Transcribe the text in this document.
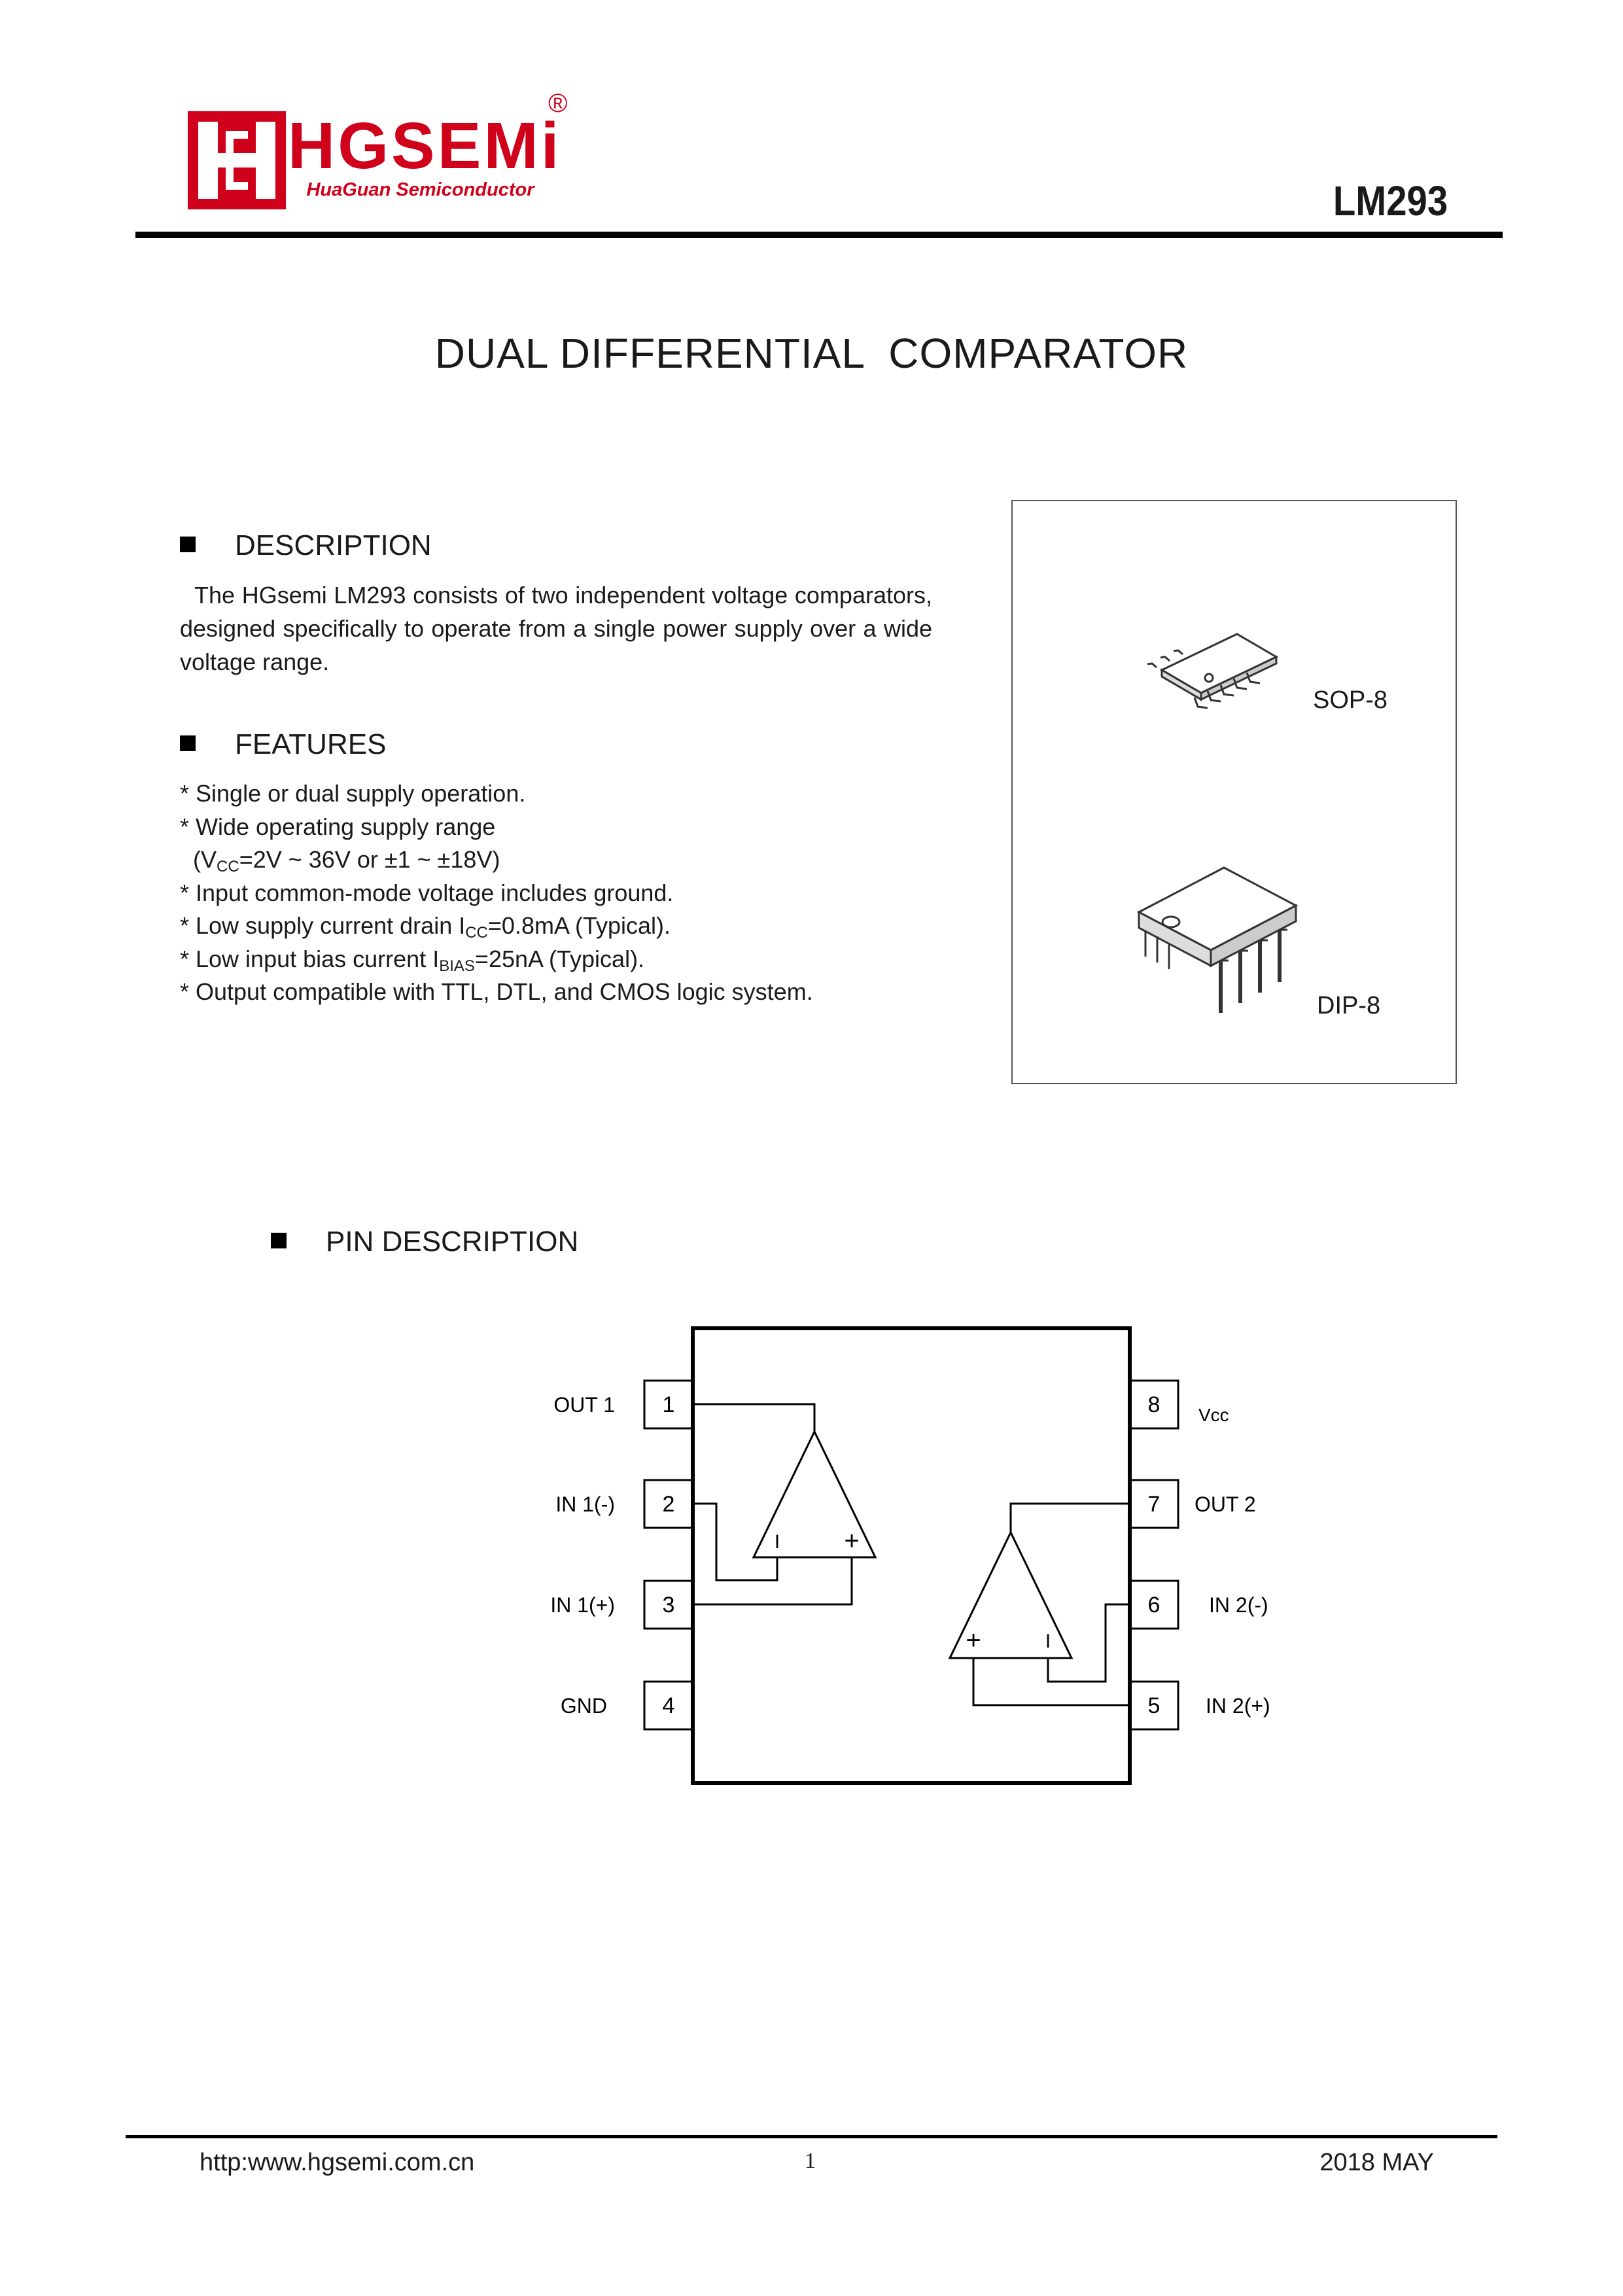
HGSEMi
®
HuaGuan Semiconductor	LM293
DUAL DIFFERENTIAL  COMPARATOR
DESCRIPTION
The HGsemi LM293 consists of two independent voltage comparators, designed specifically to operate from a single power supply over a wide voltage range.
FEATURES
* Single or dual supply operation.
* Wide operating supply range
($V_{CC}=2V$ ~ 36V or ±1 ~ ±18V)
* Input common-mode voltage includes ground.
* Low supply current drain $I_{CC}=0.8mA$ (Typical).
* Low input bias current $I_{BIAS}=25nA$ (Typical).
* Output compatible with TTL, DTL, and CMOS logic system.
SOP-8
DIP-8
PIN DESCRIPTION
1
2
3
4
8
7
6
5
OUT 1
IN 1(-)
IN 1(+)
GND
Vcc
OUT 2
IN 2(-)
IN 2(+)
I +
+	I
http:www.hgsemi.com.cn	1	2018 MAY
